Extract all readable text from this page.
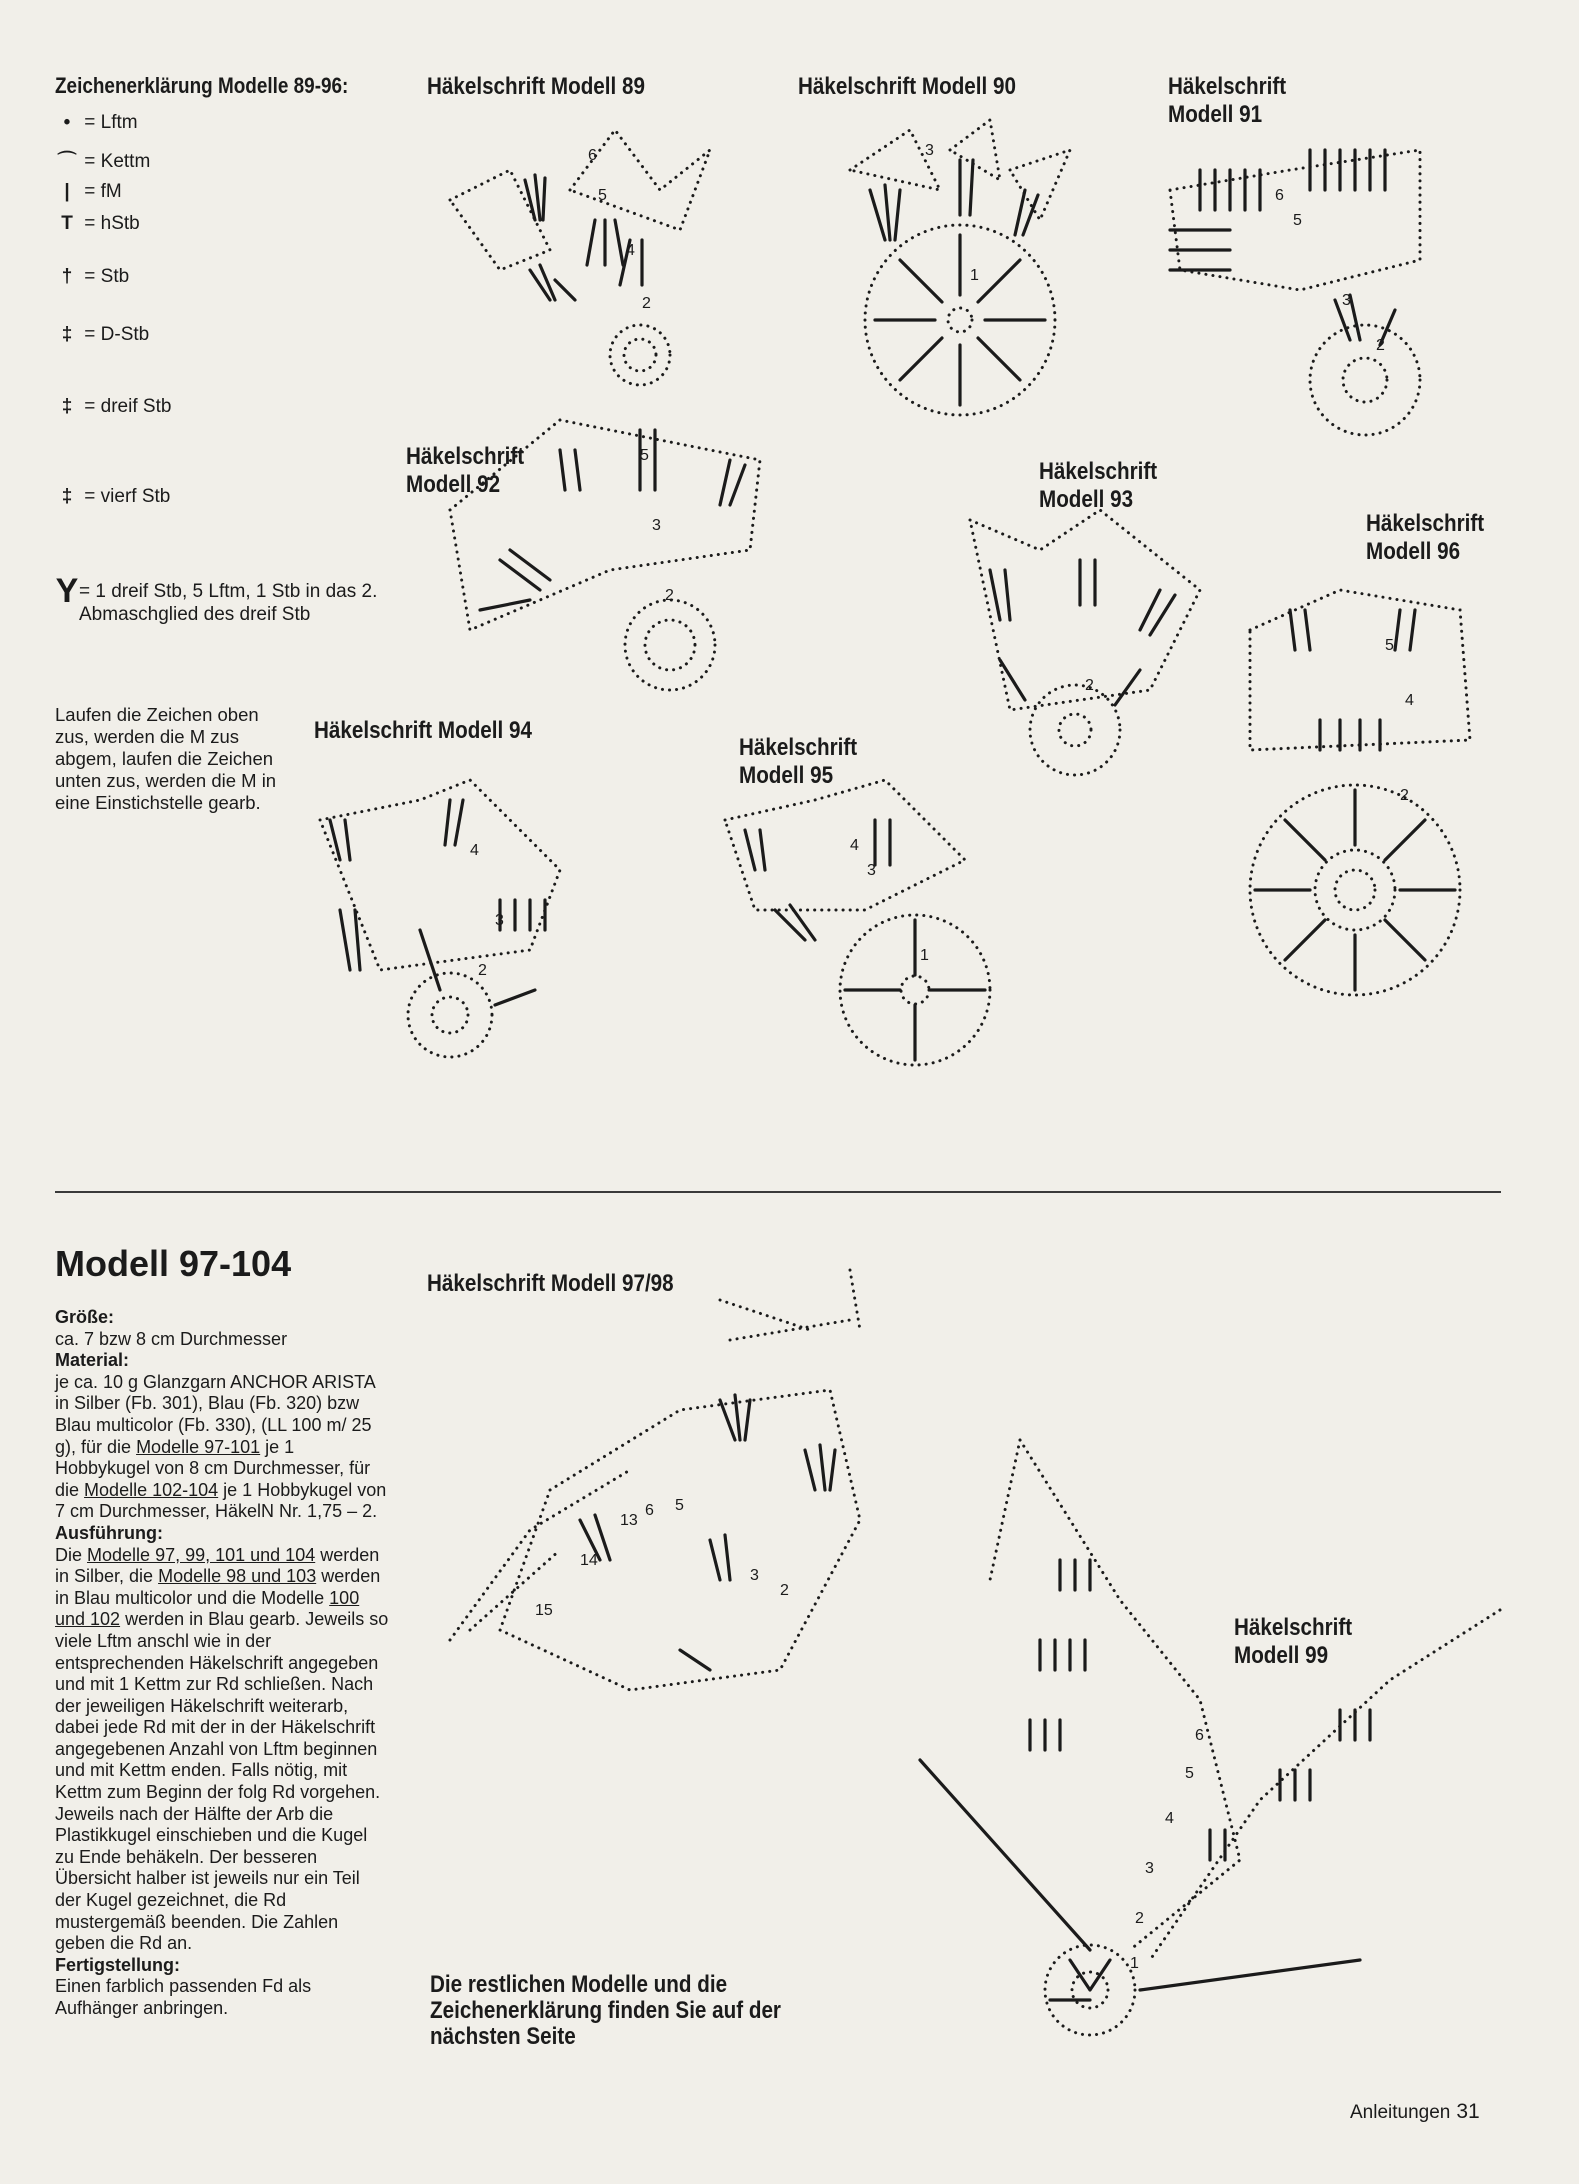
Zeichenerklärung Modelle 89-96:
• = Lftm
⌒ = Kettm
| = fM
T = hStb
† = Stb
‡ = D-Stb
‡ = dreif Stb
‡ = vierf Stb
Y = 1 dreif Stb, 5 Lftm, 1 Stb in das 2. Abmaschglied des dreif Stb
Laufen die Zeichen oben zus, werden die M zus abgem, laufen die Zeichen unten zus, werden die M in eine Einstichstelle gearb.
Häkelschrift Modell 89	Häkelschrift Modell 90	Häkelschrift
Modell 91
Häkelschrift
Modell 92	Häkelschrift
Modell 93
Häkelschrift
Modell 96
Häkelschrift Modell 94
Häkelschrift
Modell 95
6
5
4
2
3
1
6
5
3
2
5
3
2
2
5
4
2
4
3
2
4
3
1
Modell 97-104
Größe:
ca. 7 bzw 8 cm Durchmesser
Material:
je ca. 10 g Glanzgarn ANCHOR ARISTA in Silber (Fb. 301), Blau (Fb. 320) bzw Blau multicolor (Fb. 330), (LL 100 m/ 25 g), für die Modelle 97-101 je 1 Hobbykugel von 8 cm Durchmesser, für die Modelle 102-104 je 1 Hobbykugel von 7 cm Durchmesser, HäkelN Nr. 1,75 – 2.
Ausführung:
Die Modelle 97, 99, 101 und 104 werden in Silber, die Modelle 98 und 103 werden in Blau multicolor und die Modelle 100 und 102 werden in Blau gearb. Jeweils so viele Lftm anschl wie in der entsprechenden Häkelschrift angegeben und mit 1 Kettm zur Rd schließen. Nach der jeweiligen Häkelschrift weiterarb, dabei jede Rd mit der in der Häkelschrift angegebenen Anzahl von Lftm beginnen und mit Kettm enden. Falls nötig, mit Kettm zum Beginn der folg Rd vorgehen. Jeweils nach der Hälfte der Arb die Plastikkugel einschieben und die Kugel zu Ende behäkeln. Der besseren Übersicht halber ist jeweils nur ein Teil der Kugel gezeichnet, die Rd mustergemäß beenden. Die Zahlen geben die Rd an.
Fertigstellung:
Einen farblich passenden Fd als Aufhänger anbringen.
Häkelschrift Modell 97/98
Häkelschrift
Modell 99
13
14
15
6 5
3
2
6
5
4
3
2
1
Die restlichen Modelle und die Zeichenerklärung finden Sie auf der nächsten Seite
Anleitungen 31
